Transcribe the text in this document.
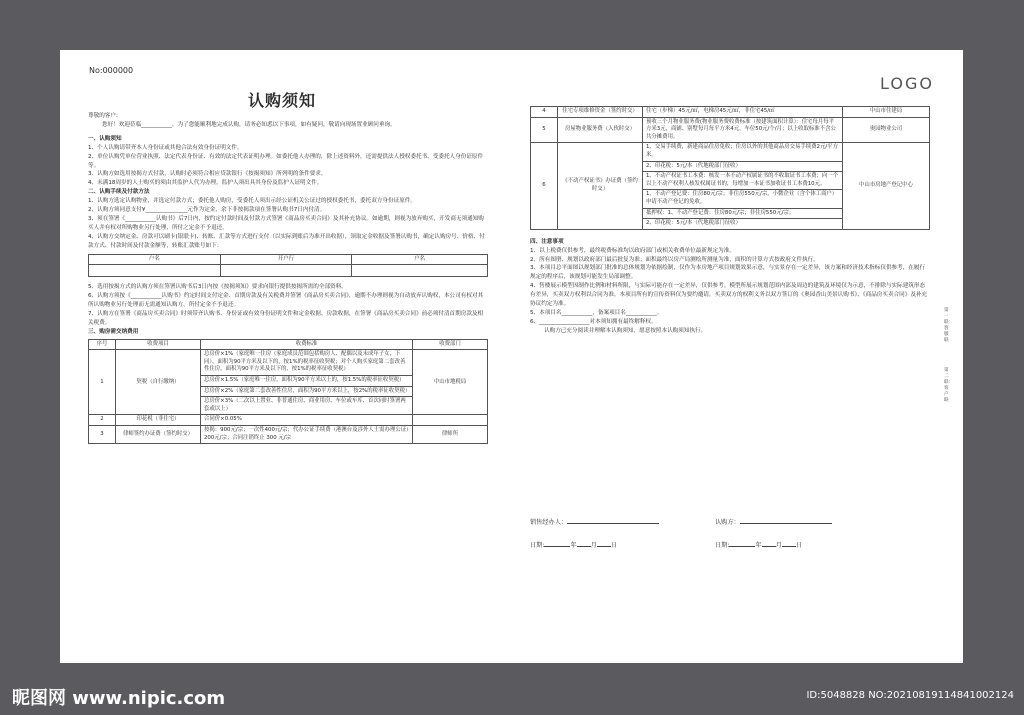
No:000000
认购须知
LOGO

尊敬的客户:

您好！欢迎莅临___________。为了您能顺利地完成认购，请务必知悉以下事项，如有疑问，敬请向现场置业顾问垂询。

一、认购须知

1、个人认购请带齐本人身份证或其他合法有效身份证明文件。

2、单位认购凭单位营业执照、法定代表身份证、有效的法定代表证明办理。如委托他人办理的，除上述资料外，还需提供法人授权委托书、受委托人身份证原件等。

3、认购方如选用按揭方式付款，认购时必须符合相应贷款银行《按揭须知》所列明的条件要求。

4、未满18周岁的人士购买的须由其监护人代为办理，监护人须出具其身份及监护人证明文件。

二、认购手续及付款方法

1、认购方选定认购物业，并选定付款方式；委托他人购房，受委托人须出示经公证机关公证过的授权委托书，委托双方身份证原件。

2、认购方须同意支付¥_______________元作为定金，余下非按揭款项在签署认购书7日内付清。

3、须在签署《___________认购书》后7日内，按约定付款时间及付款方式签署《商品房买卖合同》及其补充协议。如逾期，则视为放弃购买，开发商无须通知购买人并有权对所购物业另行处理，所付之定金不予退还。

4、认购方交纳定金、房款可以刷卡(银联卡)、转账、汇款等方式进行支付（以实际到账后为准开出收据），领取定金收据及签署认购书，确定认购房号、价格、付款方式、付款时间及付款金额等，转账汇款账号如下：

户名	开户行	户名

5、选用按揭方式的认购方须在签署认购书后3日内按《按揭须知》要求向银行提供按揭所需的全部资料。

6、认购方须按《___________认购书》约定时间支付定金、首期房款及有关税费并签署《商品房买卖合同》，逾期不办理则视为自动放弃认购权，本公司有权对其所认购物业另行处理而无需通知认购方，所付定金不予退还。

7、认购方在签署《商品房买卖合同》时须带齐认购书、身份证或有效身份证明文件和定金收据、房款收据，在签署《商品房买卖合同》前必须付清首期房款及相关税费。

三、购房需交纳费用

序号	收费项目	收费标准	收费部门
1	契税（自行缴纳）	总房价×1%（家庭唯一住房（家庭成员范围包括购房人、配偶以及未成年子女，下同），面积为90平方米及以下的，按1%的税率征收契税；对个人购买家庭第二套改善性住房，面积为90平方米及以下的，按1%的税率征收契税）	中山市地税局
		总房价×1.5%（家庭唯一住房，面积为90平方米以上的，按1.5%的税率征收契税）	
		总房价×2%（家庭第二套改善性住房，面积为90平方米以上，按2%的税率征收契税）	
		总房价×3%（二次以上置业、非普通住房、商业用房、车位或车库、首次同时签署两套或以上）	
2	印花税（非住宅）	合同价×0.05%	
3	律师签约办证费（签约时交）	按揭：900元/宗；一次性400元/宗；代办公证手续费（港澳台及涉外人士需办理公证）200元/宗；合同注销终止 300 元/宗	律师所
4	住宅专项维修资金（签约时交）	住宅（步梯）45元/㎡，电梯房45元/㎡，非住宅45/㎡	中山市住建局
5	房屋物业服务费（入伙时交）	预收三个月物业服务费(物业服务费收费标准（按建筑面积计算）：住宅每月每平方米3元，商铺、别墅每月每平方米4元，车位50元/个/月；以上收取标准不含公共分摊费用。	奥园物业公司
6	《不动产权证书》办证费（签约时交）	1、交易手续费，新建商品住房免收；住房以外的其他商品房交易手续费2元/平方米。	中山市房地产登记中心
		2、印花税：5元/本（代地税部门征收）	
		1、不动产权证书工本费：核发一本不动产权属证书的不收取证书工本费；向一个以上不动产权利人核发权属证书的，每增加一本证书加收证书工本费10元。	
		1、不动产登记费：住房80元/宗；非住房550元/宗，小微企业（含个体工商户）申请不动产登记的免收。	
		抵押权：1、不动产登记费：住房80元/宗；非住房550元/宗；	
		2、印花税：5元/本（代地税部门征收）	

四、注意事项

1、以上税费仅供参考，最终税费标准均以政府部门或相关收费单位最新规定为准。

2、所有图册、规划以政府部门最后批复为准；面积最终以房产局测绘所测量为准，面积的计算方式按政府文件执行。

3、本项目总平面图以规划部门批准的总体规划为依据绘制，仅作为本房地产项目规划效果示意，与实景存在一定差异，该方案和经济技术指标仅供参考，在履行规定的程序后，该规划可能发生局部调整。

4、售楼展示模型因制作比例和材料所限，与实际可能存在一定差异，仅供参考。模型所展示规划范围内部及周边的建筑及环境仅为示意，不排除与实际建筑形态有差异，买卖双方权利以合同为准。本项目所有的宣传资料仅为要约邀请，买卖双方的权利义务以双方签订的《奥园香山美景认购书》、《商品房买卖合同》及补充协议约定为准。

5、本项目名___________，备案项目名___________。

6、__________________对本须知拥有最终解释权。

认购方已充分阅读并理解本认购须知，愿意按照本认购须知执行。

销售经办人：	认购方：
日期:	年 月 日	日期:	年 月 日
第一联：客服联
第二联：客户联
昵图网 www.nipic.com	ID:5048828 NO:20210819114841002124
